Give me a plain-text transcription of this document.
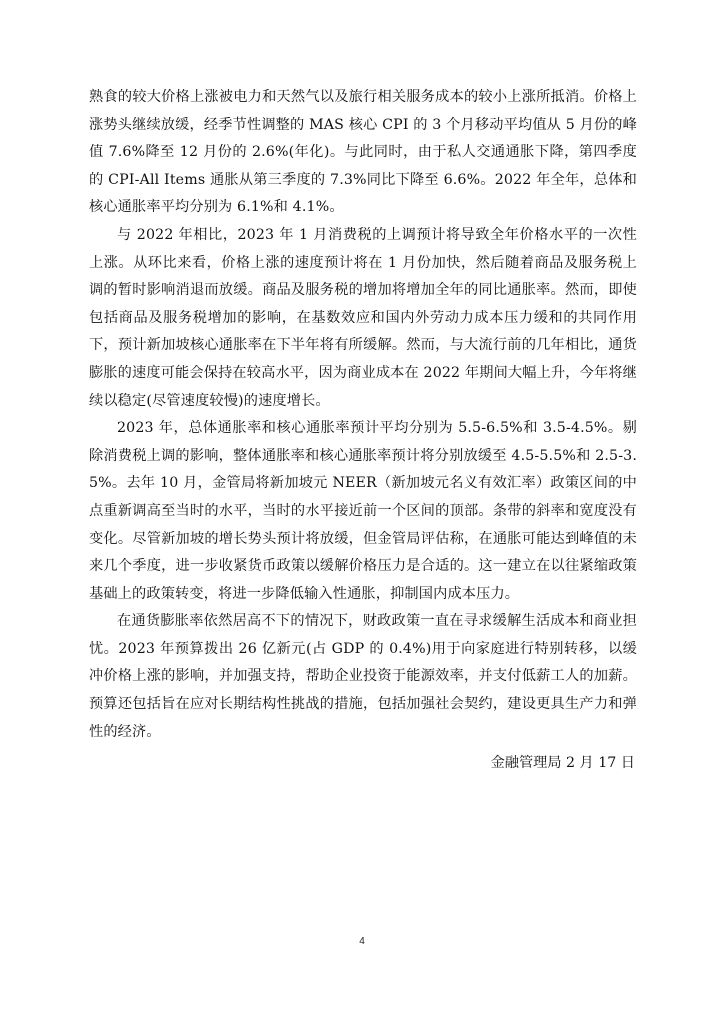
熟食的较大价格上涨被电力和天然气以及旅行相关服务成本的较小上涨所抵消。价格上涨势头继续放缓，经季节性调整的 MAS 核心 CPI 的 3 个月移动平均值从 5 月份的峰值 7.6%降至 12 月份的 2.6%(年化)。与此同时，由于私人交通通胀下降，第四季度的 CPI-All Items 通胀从第三季度的 7.3%同比下降至 6.6%。2022 年全年，总体和核心通胀率平均分别为 6.1%和 4.1%。

与 2022 年相比，2023 年 1 月消费税的上调预计将导致全年价格水平的一次性上涨。从环比来看，价格上涨的速度预计将在 1 月份加快，然后随着商品及服务税上调的暂时影响消退而放缓。商品及服务税的增加将增加全年的同比通胀率。然而，即使包括商品及服务税增加的影响，在基数效应和国内外劳动力成本压力缓和的共同作用下，预计新加坡核心通胀率在下半年将有所缓解。然而，与大流行前的几年相比，通货膨胀的速度可能会保持在较高水平，因为商业成本在 2022 年期间大幅上升，今年将继续以稳定(尽管速度较慢)的速度增长。

2023 年，总体通胀率和核心通胀率预计平均分别为 5.5-6.5%和 3.5-4.5%。剔除消费税上调的影响，整体通胀率和核心通胀率预计将分别放缓至 4.5-5.5%和 2.5-3.5%。去年 10 月，金管局将新加坡元 NEER（新加坡元名义有效汇率）政策区间的中点重新调高至当时的水平，当时的水平接近前一个区间的顶部。条带的斜率和宽度没有变化。尽管新加坡的增长势头预计将放缓，但金管局评估称，在通胀可能达到峰值的未来几个季度，进一步收紧货币政策以缓解价格压力是合适的。这一建立在以往紧缩政策基础上的政策转变，将进一步降低输入性通胀，抑制国内成本压力。

在通货膨胀率依然居高不下的情况下，财政政策一直在寻求缓解生活成本和商业担忧。2023 年预算拨出 26 亿新元(占 GDP 的 0.4%)用于向家庭进行特别转移，以缓冲价格上涨的影响，并加强支持，帮助企业投资于能源效率，并支付低薪工人的加薪。预算还包括旨在应对长期结构性挑战的措施，包括加强社会契约，建设更具生产力和弹性的经济。

金融管理局 2 月 17 日
4
